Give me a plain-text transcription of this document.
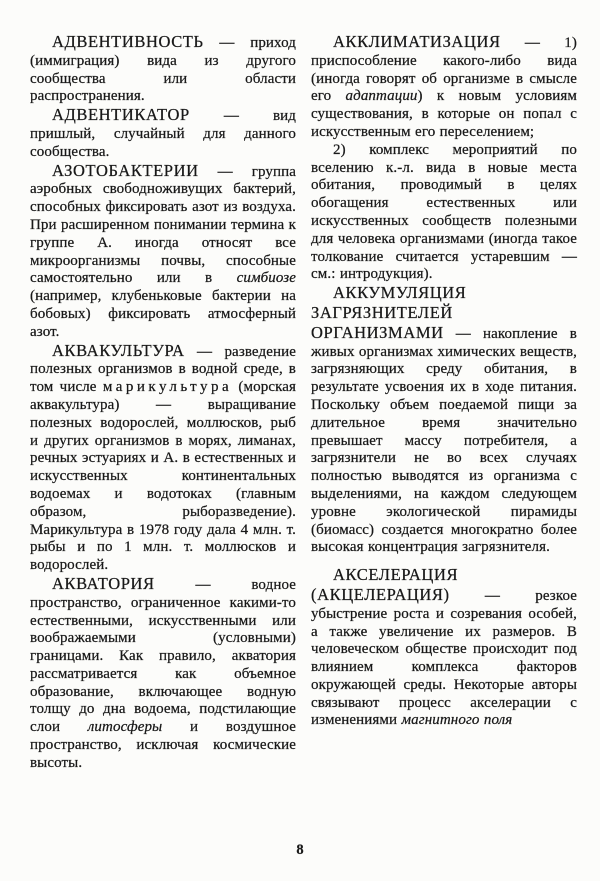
АДВЕНТИВНОСТЬ — приход (иммиграция) вида из другого сообщества или области распространения.

АДВЕНТИКАТОР — вид пришлый, случайный для данного сообщества.

АЗОТОБАКТЕРИИ — группа аэробных свободноживущих бактерий, способных фиксировать азот из воздуха. При расширенном понимании термина к группе А. иногда относят все микроорганизмы почвы, способные самостоятельно или в симбиозе (например, клубеньковые бактерии на бобовых) фиксировать атмосферный азот.

АКВАКУЛЬТУРА — разведение полезных организмов в водной среде, в том числе марикультура (морская аквакультура) — выращивание полезных водорослей, моллюсков, рыб и других организмов в морях, лиманах, речных эстуариях и А. в естественных и искусственных континентальных водоемах и водотоках (главным образом, рыборазведение). Марикультура в 1978 году дала 4 млн. т. рыбы и по 1 млн. т. моллюсков и водорослей.

АКВАТОРИЯ — водное пространство, ограниченное какими-то естественными, искусственными или воображаемыми (условными) границами. Как правило, акватория рассматривается как объемное образование, включающее водную толщу до дна водоема, подстилающие слои литосферы и воздушное пространство, исключая космические высоты.

АККЛИМАТИЗАЦИЯ — 1) приспособление какого-либо вида (иногда говорят об организме в смысле его адаптации) к новым условиям существования, в которые он попал с искусственным его переселением;

2) комплекс мероприятий по вселению к.-л. вида в новые места обитания, проводимый в целях обогащения естественных или искусственных сообществ полезными для человека организмами (иногда такое толкование считается устаревшим — см.: интродукция).

АККУМУЛЯЦИЯ ЗАГРЯЗНИТЕЛЕЙ ОРГАНИЗМАМИ — накопление в живых организмах химических веществ, загрязняющих среду обитания, в результате усвоения их в ходе питания. Поскольку объем поедаемой пищи за длительное время значительно превышает массу потребителя, а загрязнители не во всех случаях полностью выводятся из организма с выделениями, на каждом следующем уровне экологической пирамиды (биомасс) создается многократно более высокая концентрация загрязнителя.

АКСЕЛЕРАЦИЯ (АКЦЕЛЕРАЦИЯ) — резкое убыстрение роста и созревания особей, а также увеличение их размеров. В человеческом обществе происходит под влиянием комплекса факторов окружающей среды. Некоторые авторы связывают процесс акселерации с изменениями магнитного поля

8
